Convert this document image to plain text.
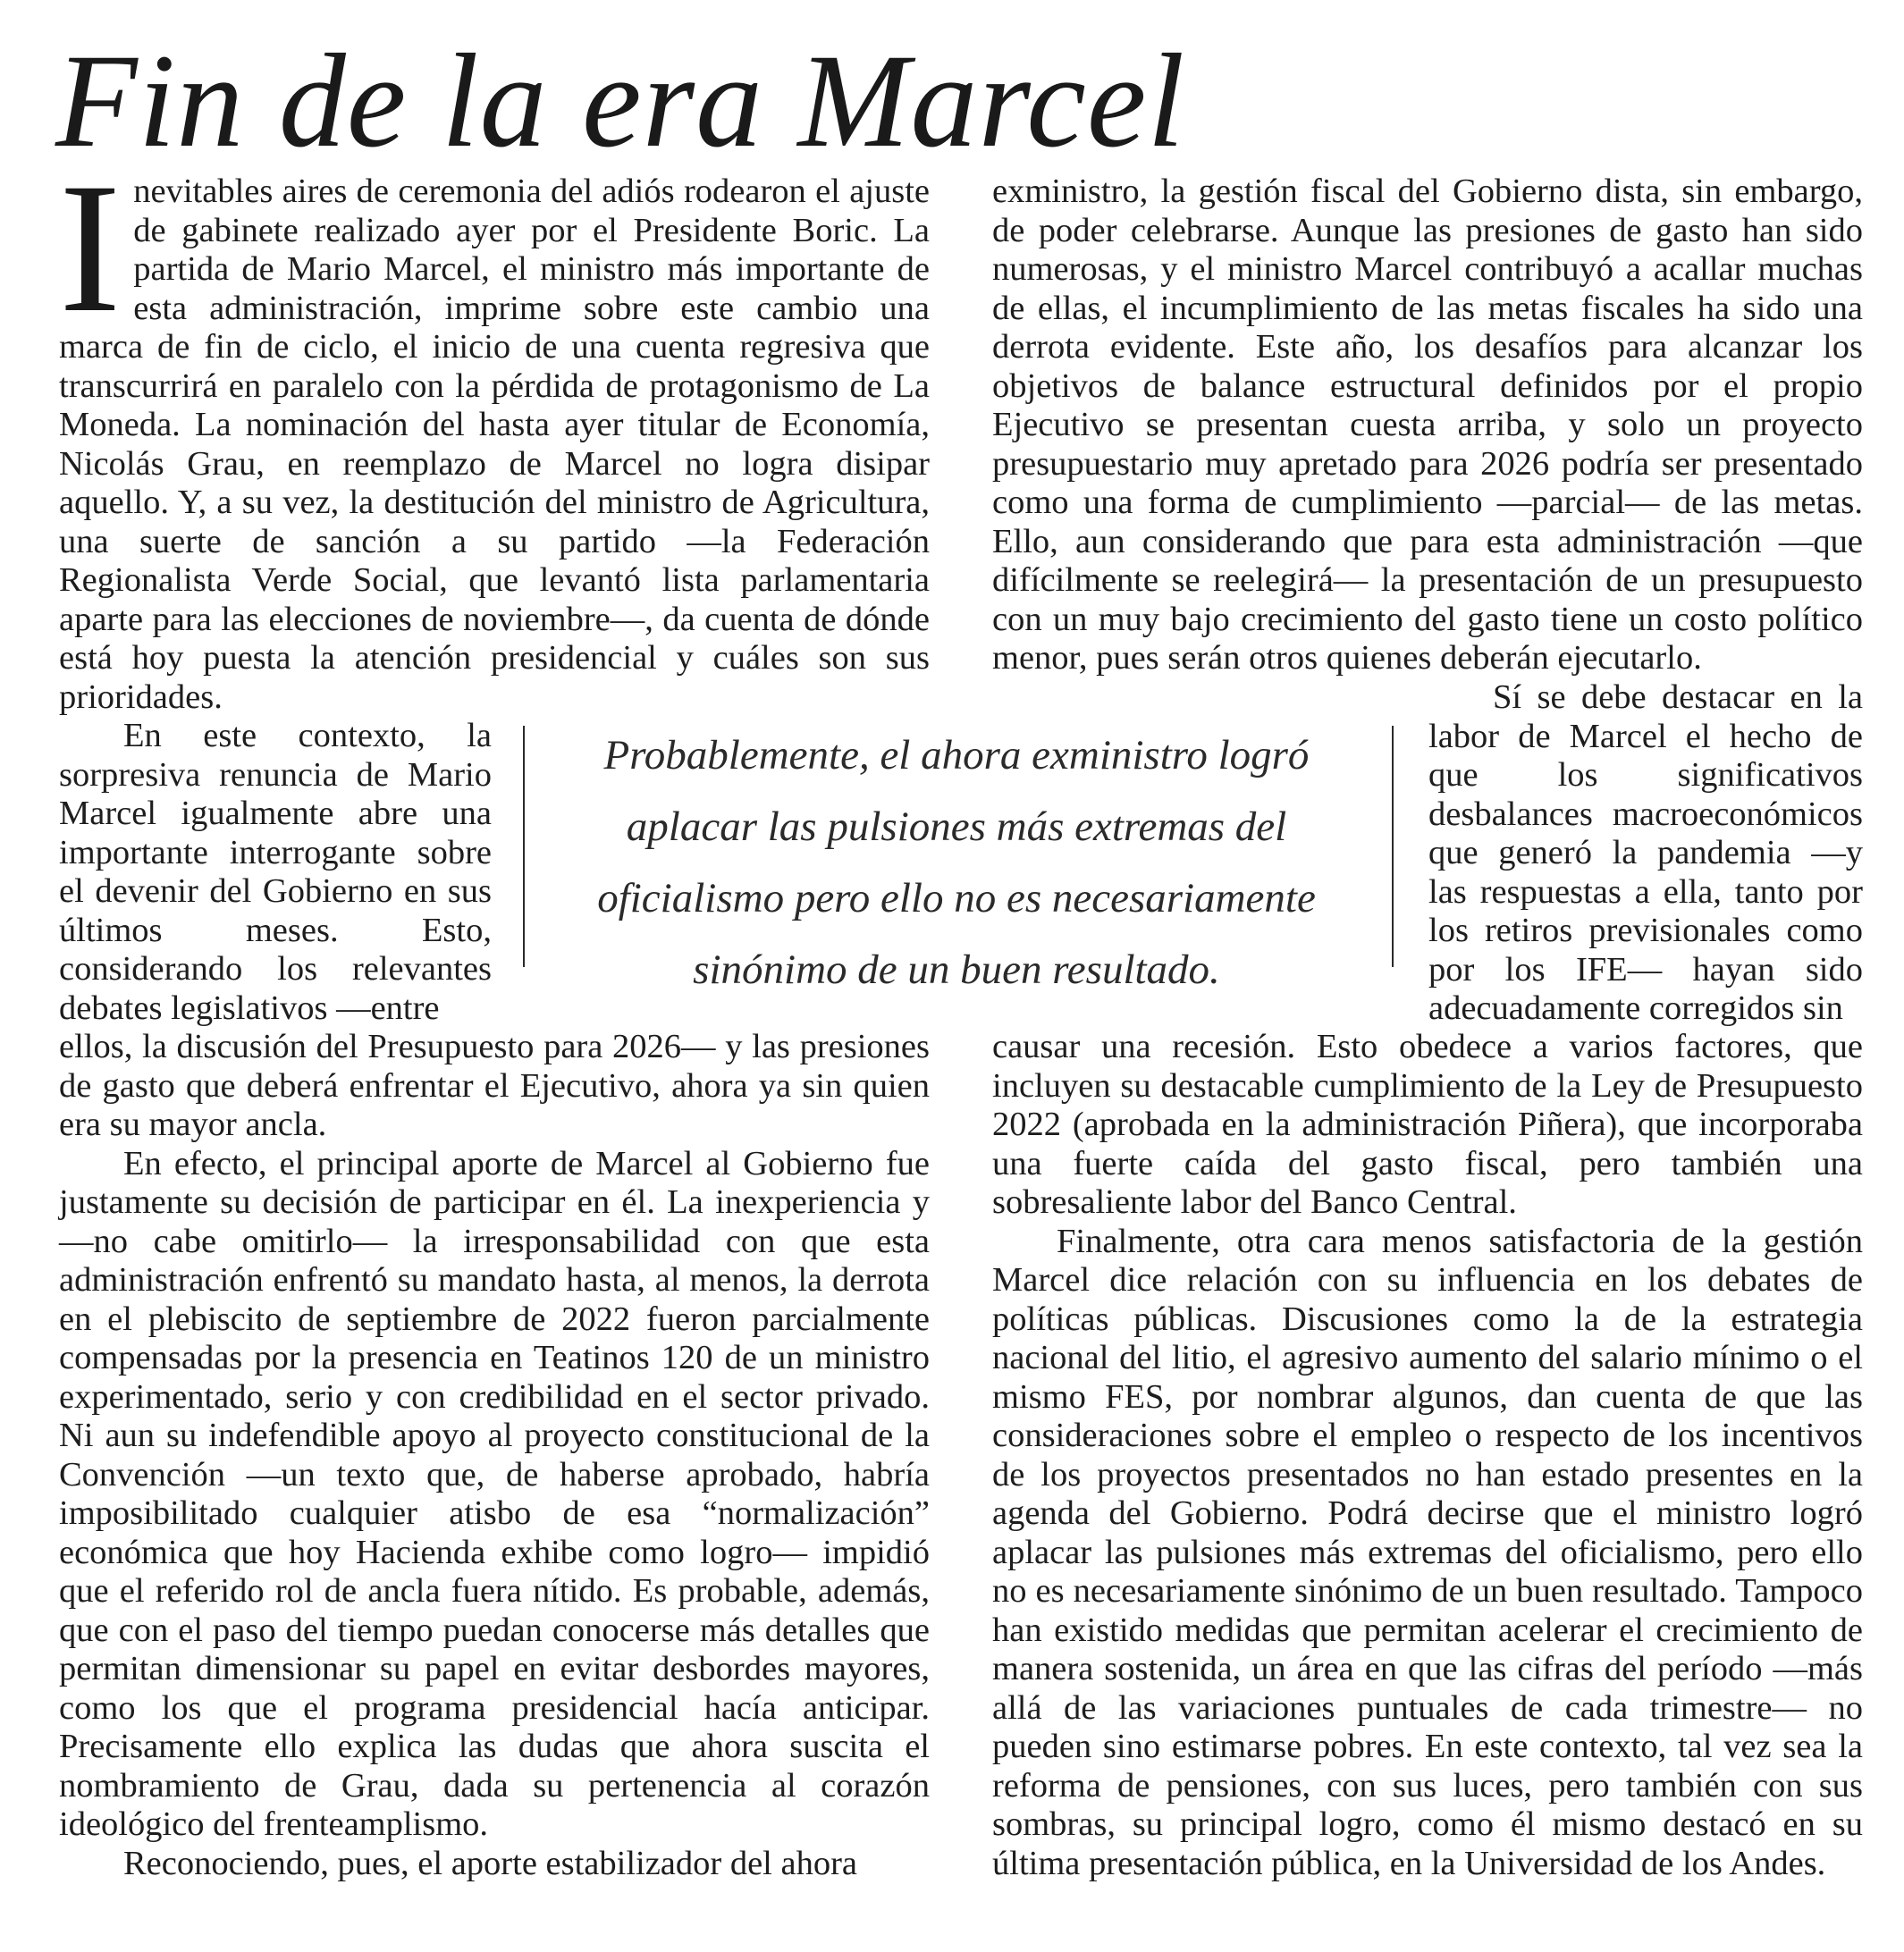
Fin de la era Marcel

Inevitables aires de ceremonia del adiós rodearon el ajuste de gabinete realizado ayer por el Presidente Boric. La partida de Mario Marcel, el ministro más importante de esta administración, imprime sobre este cambio una marca de fin de ciclo, el inicio de una cuenta regresiva que transcurrirá en paralelo con la pérdida de protagonismo de La Moneda. La nominación del hasta ayer titular de Economía, Nicolás Grau, en reemplazo de Marcel no logra disipar aquello. Y, a su vez, la destitución del ministro de Agricultura, una suerte de sanción a su partido —la Federación Regionalista Verde Social, que levantó lista parlamentaria aparte para las elecciones de noviembre—, da cuenta de dónde está hoy puesta la atención presidencial y cuáles son sus prioridades.

En este contexto, la sorpresiva renuncia de Mario Marcel igualmente abre una importante interrogante sobre el devenir del Gobierno en sus últimos meses. Esto, considerando los relevantes debates legislativos —entre

ellos, la discusión del Presupuesto para 2026— y las presiones de gasto que deberá enfrentar el Ejecutivo, ahora ya sin quien era su mayor ancla.

En efecto, el principal aporte de Marcel al Gobierno fue justamente su decisión de participar en él. La inexperiencia y —no cabe omitirlo— la irresponsabilidad con que esta administración enfrentó su mandato hasta, al menos, la derrota en el plebiscito de septiembre de 2022 fueron parcialmente compensadas por la presencia en Teatinos 120 de un ministro experimentado, serio y con credibilidad en el sector privado. Ni aun su indefendible apoyo al proyecto constitucional de la Convención —un texto que, de haberse aprobado, habría imposibilitado cualquier atisbo de esa “normalización” económica que hoy Hacienda exhibe como logro— impidió que el referido rol de ancla fuera nítido. Es probable, además, que con el paso del tiempo puedan conocerse más detalles que permitan dimensionar su papel en evitar desbordes mayores, como los que el programa presidencial hacía anticipar. Precisamente ello explica las dudas que ahora suscita el nombramiento de Grau, dada su pertenencia al corazón ideológico del frenteamplismo.

Reconociendo, pues, el aporte estabilizador del ahora

exministro, la gestión fiscal del Gobierno dista, sin embargo, de poder celebrarse. Aunque las presiones de gasto han sido numerosas, y el ministro Marcel contribuyó a acallar muchas de ellas, el incumplimiento de las metas fiscales ha sido una derrota evidente. Este año, los desafíos para alcanzar los objetivos de balance estructural definidos por el propio Ejecutivo se presentan cuesta arriba, y solo un proyecto presupuestario muy apretado para 2026 podría ser presentado como una forma de cumplimiento —parcial— de las metas. Ello, aun considerando que para esta administración —que difícilmente se reelegirá— la presentación de un presupuesto con un muy bajo crecimiento del gasto tiene un costo político menor, pues serán otros quienes deberán ejecutarlo.

Sí se debe destacar en la labor de Marcel el hecho de que los significativos desbalances macroeconómicos que generó la pandemia —y las respuestas a ella, tanto por los retiros previsionales como por los IFE— hayan sido adecuadamente corregidos sin

causar una recesión. Esto obedece a varios factores, que incluyen su destacable cumplimiento de la Ley de Presupuesto 2022 (aprobada en la administración Piñera), que incorporaba una fuerte caída del gasto fiscal, pero también una sobresaliente labor del Banco Central.

Finalmente, otra cara menos satisfactoria de la gestión Marcel dice relación con su influencia en los debates de políticas públicas. Discusiones como la de la estrategia nacional del litio, el agresivo aumento del salario mínimo o el mismo FES, por nombrar algunos, dan cuenta de que las consideraciones sobre el empleo o respecto de los incentivos de los proyectos presentados no han estado presentes en la agenda del Gobierno. Podrá decirse que el ministro logró aplacar las pulsiones más extremas del oficialismo, pero ello no es necesariamente sinónimo de un buen resultado. Tampoco han existido medidas que permitan acelerar el crecimiento de manera sostenida, un área en que las cifras del período —más allá de las variaciones puntuales de cada trimestre— no pueden sino estimarse pobres. En este contexto, tal vez sea la reforma de pensiones, con sus luces, pero también con sus sombras, su principal logro, como él mismo destacó en su última presentación pública, en la Universidad de los Andes.

Probablemente, el ahora exministro logró aplacar las pulsiones más extremas del oficialismo pero ello no es necesariamente sinónimo de un buen resultado.
